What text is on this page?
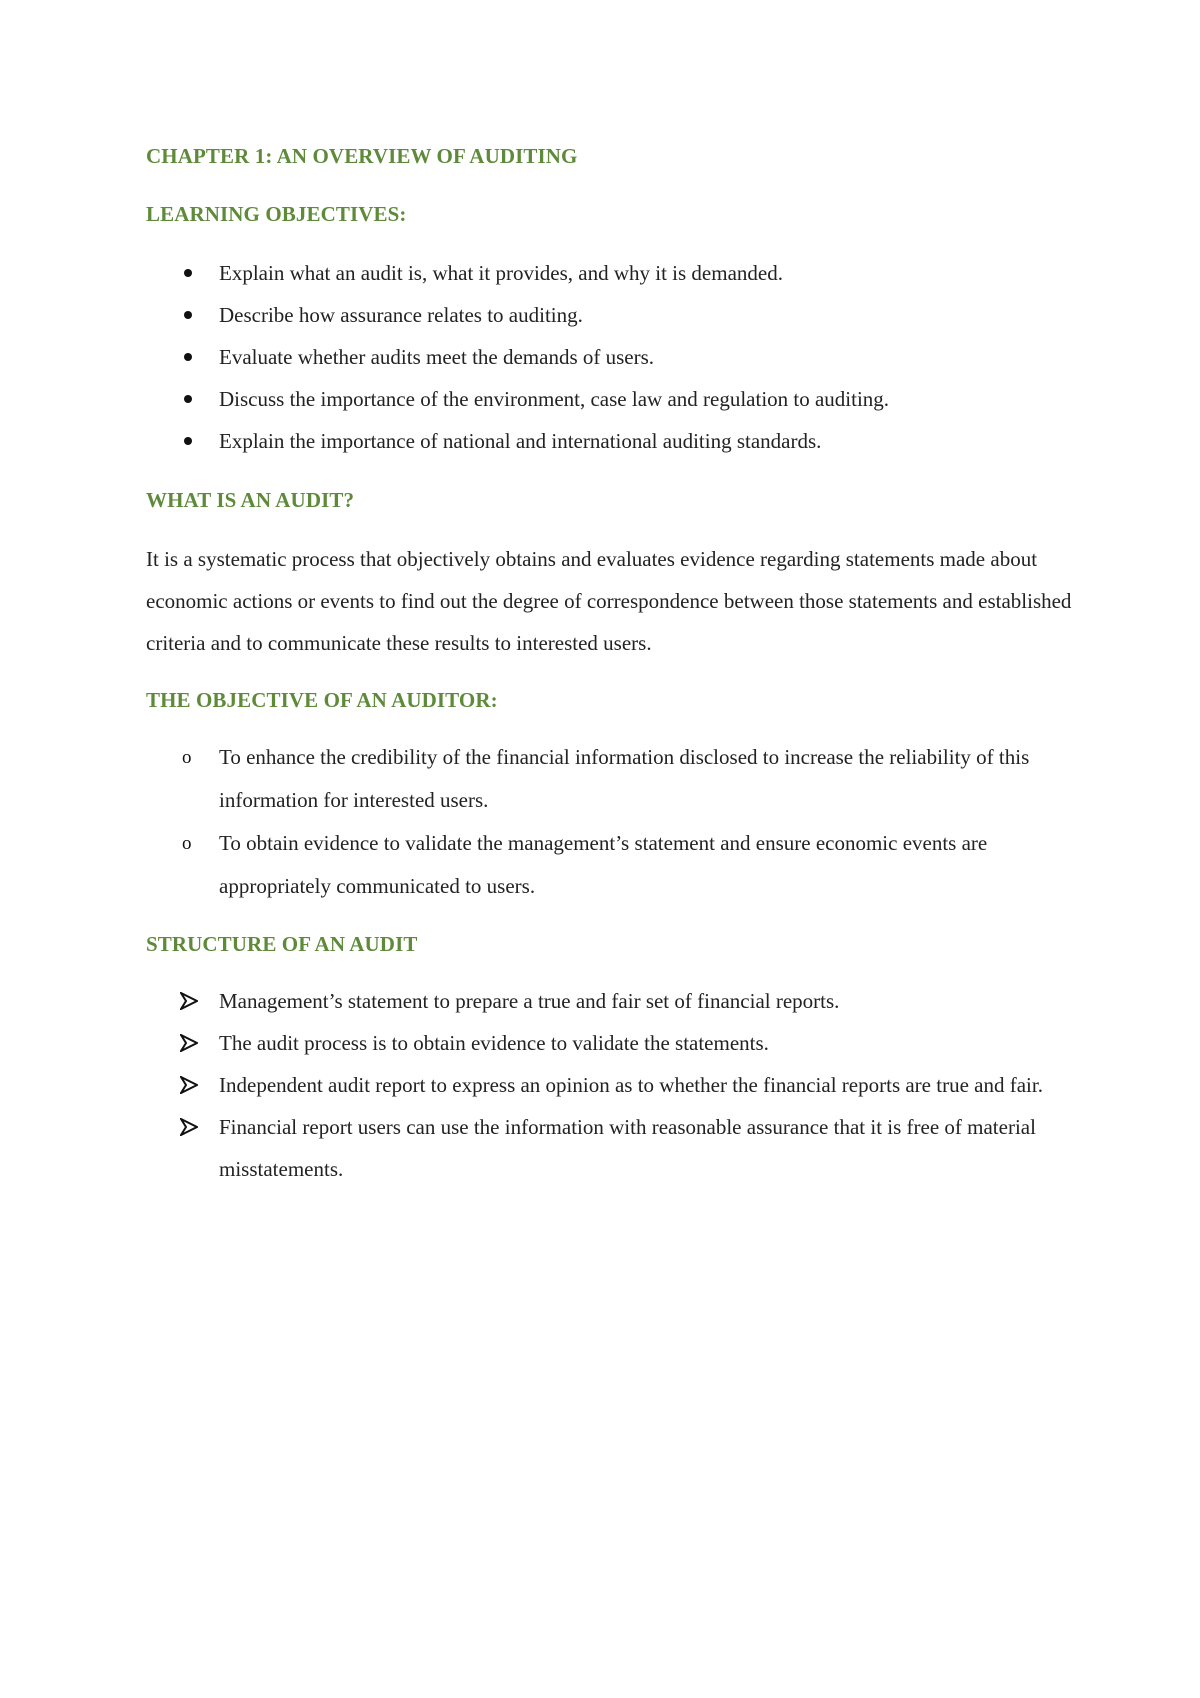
CHAPTER 1: AN OVERVIEW OF AUDITING
LEARNING OBJECTIVES:
Explain what an audit is, what it provides, and why it is demanded.
Describe how assurance relates to auditing.
Evaluate whether audits meet the demands of users.
Discuss the importance of the environment, case law and regulation to auditing.
Explain the importance of national and international auditing standards.
WHAT IS AN AUDIT?

It is a systematic process that objectively obtains and evaluates evidence regarding statements made about economic actions or events to find out the degree of correspondence between those statements and established criteria and to communicate these results to interested users.

THE OBJECTIVE OF AN AUDITOR:
o To enhance the credibility of the financial information disclosed to increase the reliability of this information for interested users.
o To obtain evidence to validate the management’s statement and ensure economic events are appropriately communicated to users.
STRUCTURE OF AN AUDIT
Management’s statement to prepare a true and fair set of financial reports.
The audit process is to obtain evidence to validate the statements.
Independent audit report to express an opinion as to whether the financial reports are true and fair.
Financial report users can use the information with reasonable assurance that it is free of material misstatements.
